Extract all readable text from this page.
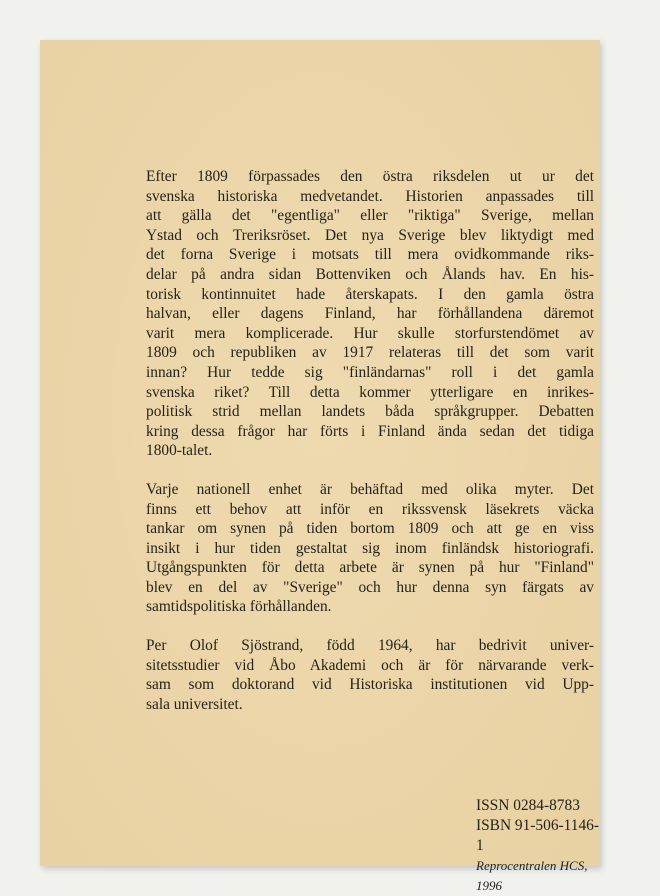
Efter 1809 förpassades den östra riksdelen ut ur det
svenska historiska medvetandet. Historien anpassades till
att gälla det "egentliga" eller "riktiga" Sverige, mellan
Ystad och Treriksröset. Det nya Sverige blev liktydigt med
det forna Sverige i motsats till mera ovidkommande riks-
delar på andra sidan Bottenviken och Ålands hav. En his-
torisk kontinnuitet hade återskapats. I den gamla östra
halvan, eller dagens Finland, har förhållandena däremot
varit mera komplicerade. Hur skulle storfurstendömet av
1809 och republiken av 1917 relateras till det som varit
innan? Hur tedde sig "finländarnas" roll i det gamla
svenska riket? Till detta kommer ytterligare en inrikes-
politisk strid mellan landets båda språkgrupper. Debatten
kring dessa frågor har förts i Finland ända sedan det tidiga
1800-talet.

Varje nationell enhet är behäftad med olika myter. Det
finns ett behov att inför en rikssvensk läsekrets väcka
tankar om synen på tiden bortom 1809 och att ge en viss
insikt i hur tiden gestaltat sig inom finländsk historiografi.
Utgångspunkten för detta arbete är synen på hur "Finland"
blev en del av "Sverige" och hur denna syn färgats av
samtidspolitiska förhållanden.

Per Olof Sjöstrand, född 1964, har bedrivit univer-
sitetsstudier vid Åbo Akademi och är för närvarande verk-
sam som doktorand vid Historiska institutionen vid Upp-
sala universitet.

ISSN 0284-8783
ISBN 91-506-1146-1
Reprocentralen HCS, 1996
